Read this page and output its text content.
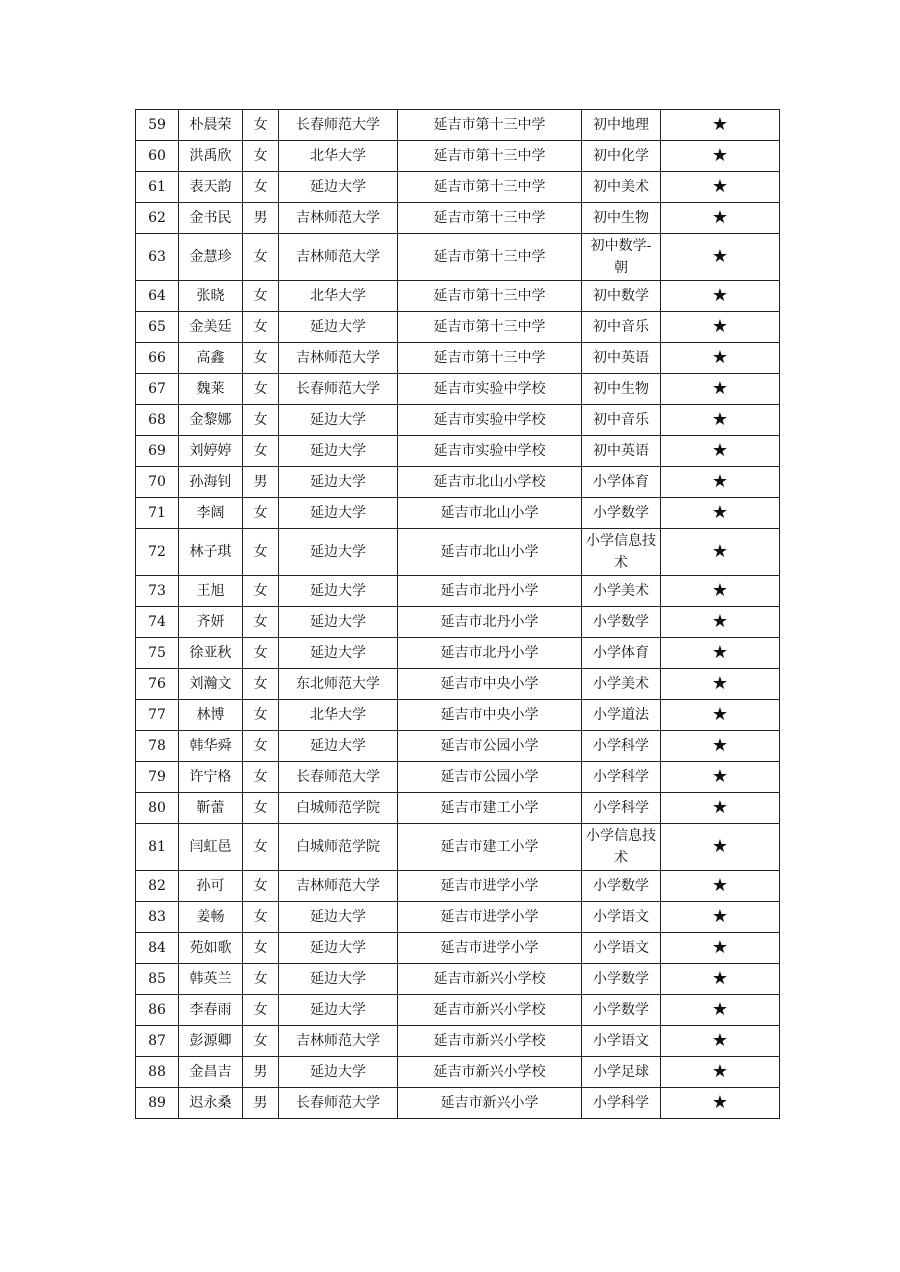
59	朴晨荣	女	长春师范大学	延吉市第十三中学	初中地理	★
60	洪禹欣	女	北华大学	延吉市第十三中学	初中化学	★
61	表天韵	女	延边大学	延吉市第十三中学	初中美术	★
62	金书民	男	吉林师范大学	延吉市第十三中学	初中生物	★
63	金慧珍	女	吉林师范大学	延吉市第十三中学	初中数学-朝	★
64	张晓	女	北华大学	延吉市第十三中学	初中数学	★
65	金美廷	女	延边大学	延吉市第十三中学	初中音乐	★
66	高鑫	女	吉林师范大学	延吉市第十三中学	初中英语	★
67	魏莱	女	长春师范大学	延吉市实验中学校	初中生物	★
68	金黎娜	女	延边大学	延吉市实验中学校	初中音乐	★
69	刘婷婷	女	延边大学	延吉市实验中学校	初中英语	★
70	孙海钊	男	延边大学	延吉市北山小学校	小学体育	★
71	李阔	女	延边大学	延吉市北山小学	小学数学	★
72	林子琪	女	延边大学	延吉市北山小学	小学信息技术	★
73	王旭	女	延边大学	延吉市北丹小学	小学美术	★
74	齐妍	女	延边大学	延吉市北丹小学	小学数学	★
75	徐亚秋	女	延边大学	延吉市北丹小学	小学体育	★
76	刘瀚文	女	东北师范大学	延吉市中央小学	小学美术	★
77	林博	女	北华大学	延吉市中央小学	小学道法	★
78	韩华舜	女	延边大学	延吉市公园小学	小学科学	★
79	许宁格	女	长春师范大学	延吉市公园小学	小学科学	★
80	靳蕾	女	白城师范学院	延吉市建工小学	小学科学	★
81	闫虹邑	女	白城师范学院	延吉市建工小学	小学信息技术	★
82	孙可	女	吉林师范大学	延吉市进学小学	小学数学	★
83	姜畅	女	延边大学	延吉市进学小学	小学语文	★
84	苑如歌	女	延边大学	延吉市进学小学	小学语文	★
85	韩英兰	女	延边大学	延吉市新兴小学校	小学数学	★
86	李春雨	女	延边大学	延吉市新兴小学校	小学数学	★
87	彭源卿	女	吉林师范大学	延吉市新兴小学校	小学语文	★
88	金昌吉	男	延边大学	延吉市新兴小学校	小学足球	★
89	迟永桑	男	长春师范大学	延吉市新兴小学	小学科学	★
